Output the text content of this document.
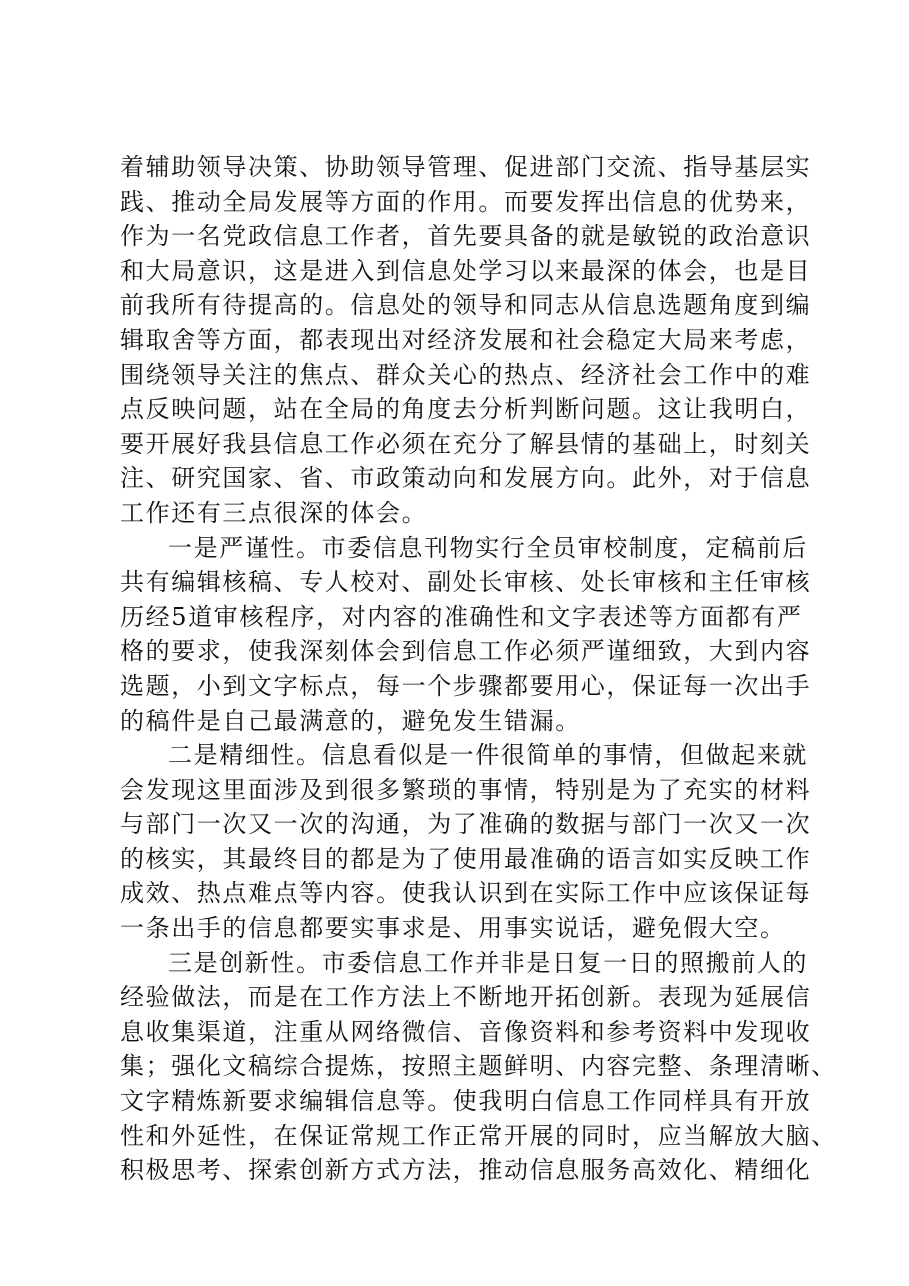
着辅助领导决策、协助领导管理、促进部门交流、指导基层实
践、推动全局发展等方面的作用。而要发挥出信息的优势来，
作为一名党政信息工作者，首先要具备的就是敏锐的政治意识
和大局意识，这是进入到信息处学习以来最深的体会，也是目
前我所有待提高的。信息处的领导和同志从信息选题角度到编
辑取舍等方面，都表现出对经济发展和社会稳定大局来考虑，
围绕领导关注的焦点、群众关心的热点、经济社会工作中的难
点反映问题，站在全局的角度去分析判断问题。这让我明白，
要开展好我县信息工作必须在充分了解县情的基础上，时刻关
注、研究国家、省、市政策动向和发展方向。此外，对于信息
工作还有三点很深的体会。
一是严谨性。市委信息刊物实行全员审校制度，定稿前后
共有编辑核稿、专人校对、副处长审核、处长审核和主任审核
历经5道审核程序，对内容的准确性和文字表述等方面都有严
格的要求，使我深刻体会到信息工作必须严谨细致，大到内容
选题，小到文字标点，每一个步骤都要用心，保证每一次出手
的稿件是自己最满意的，避免发生错漏。
二是精细性。信息看似是一件很简单的事情，但做起来就
会发现这里面涉及到很多繁琐的事情，特别是为了充实的材料
与部门一次又一次的沟通，为了准确的数据与部门一次又一次
的核实，其最终目的都是为了使用最准确的语言如实反映工作
成效、热点难点等内容。使我认识到在实际工作中应该保证每
一条出手的信息都要实事求是、用事实说话，避免假大空。
三是创新性。市委信息工作并非是日复一日的照搬前人的
经验做法，而是在工作方法上不断地开拓创新。表现为延展信
息收集渠道，注重从网络微信、音像资料和参考资料中发现收
集；强化文稿综合提炼，按照主题鲜明、内容完整、条理清晰、
文字精炼新要求编辑信息等。使我明白信息工作同样具有开放
性和外延性，在保证常规工作正常开展的同时，应当解放大脑、
积极思考、探索创新方式方法，推动信息服务高效化、精细化
